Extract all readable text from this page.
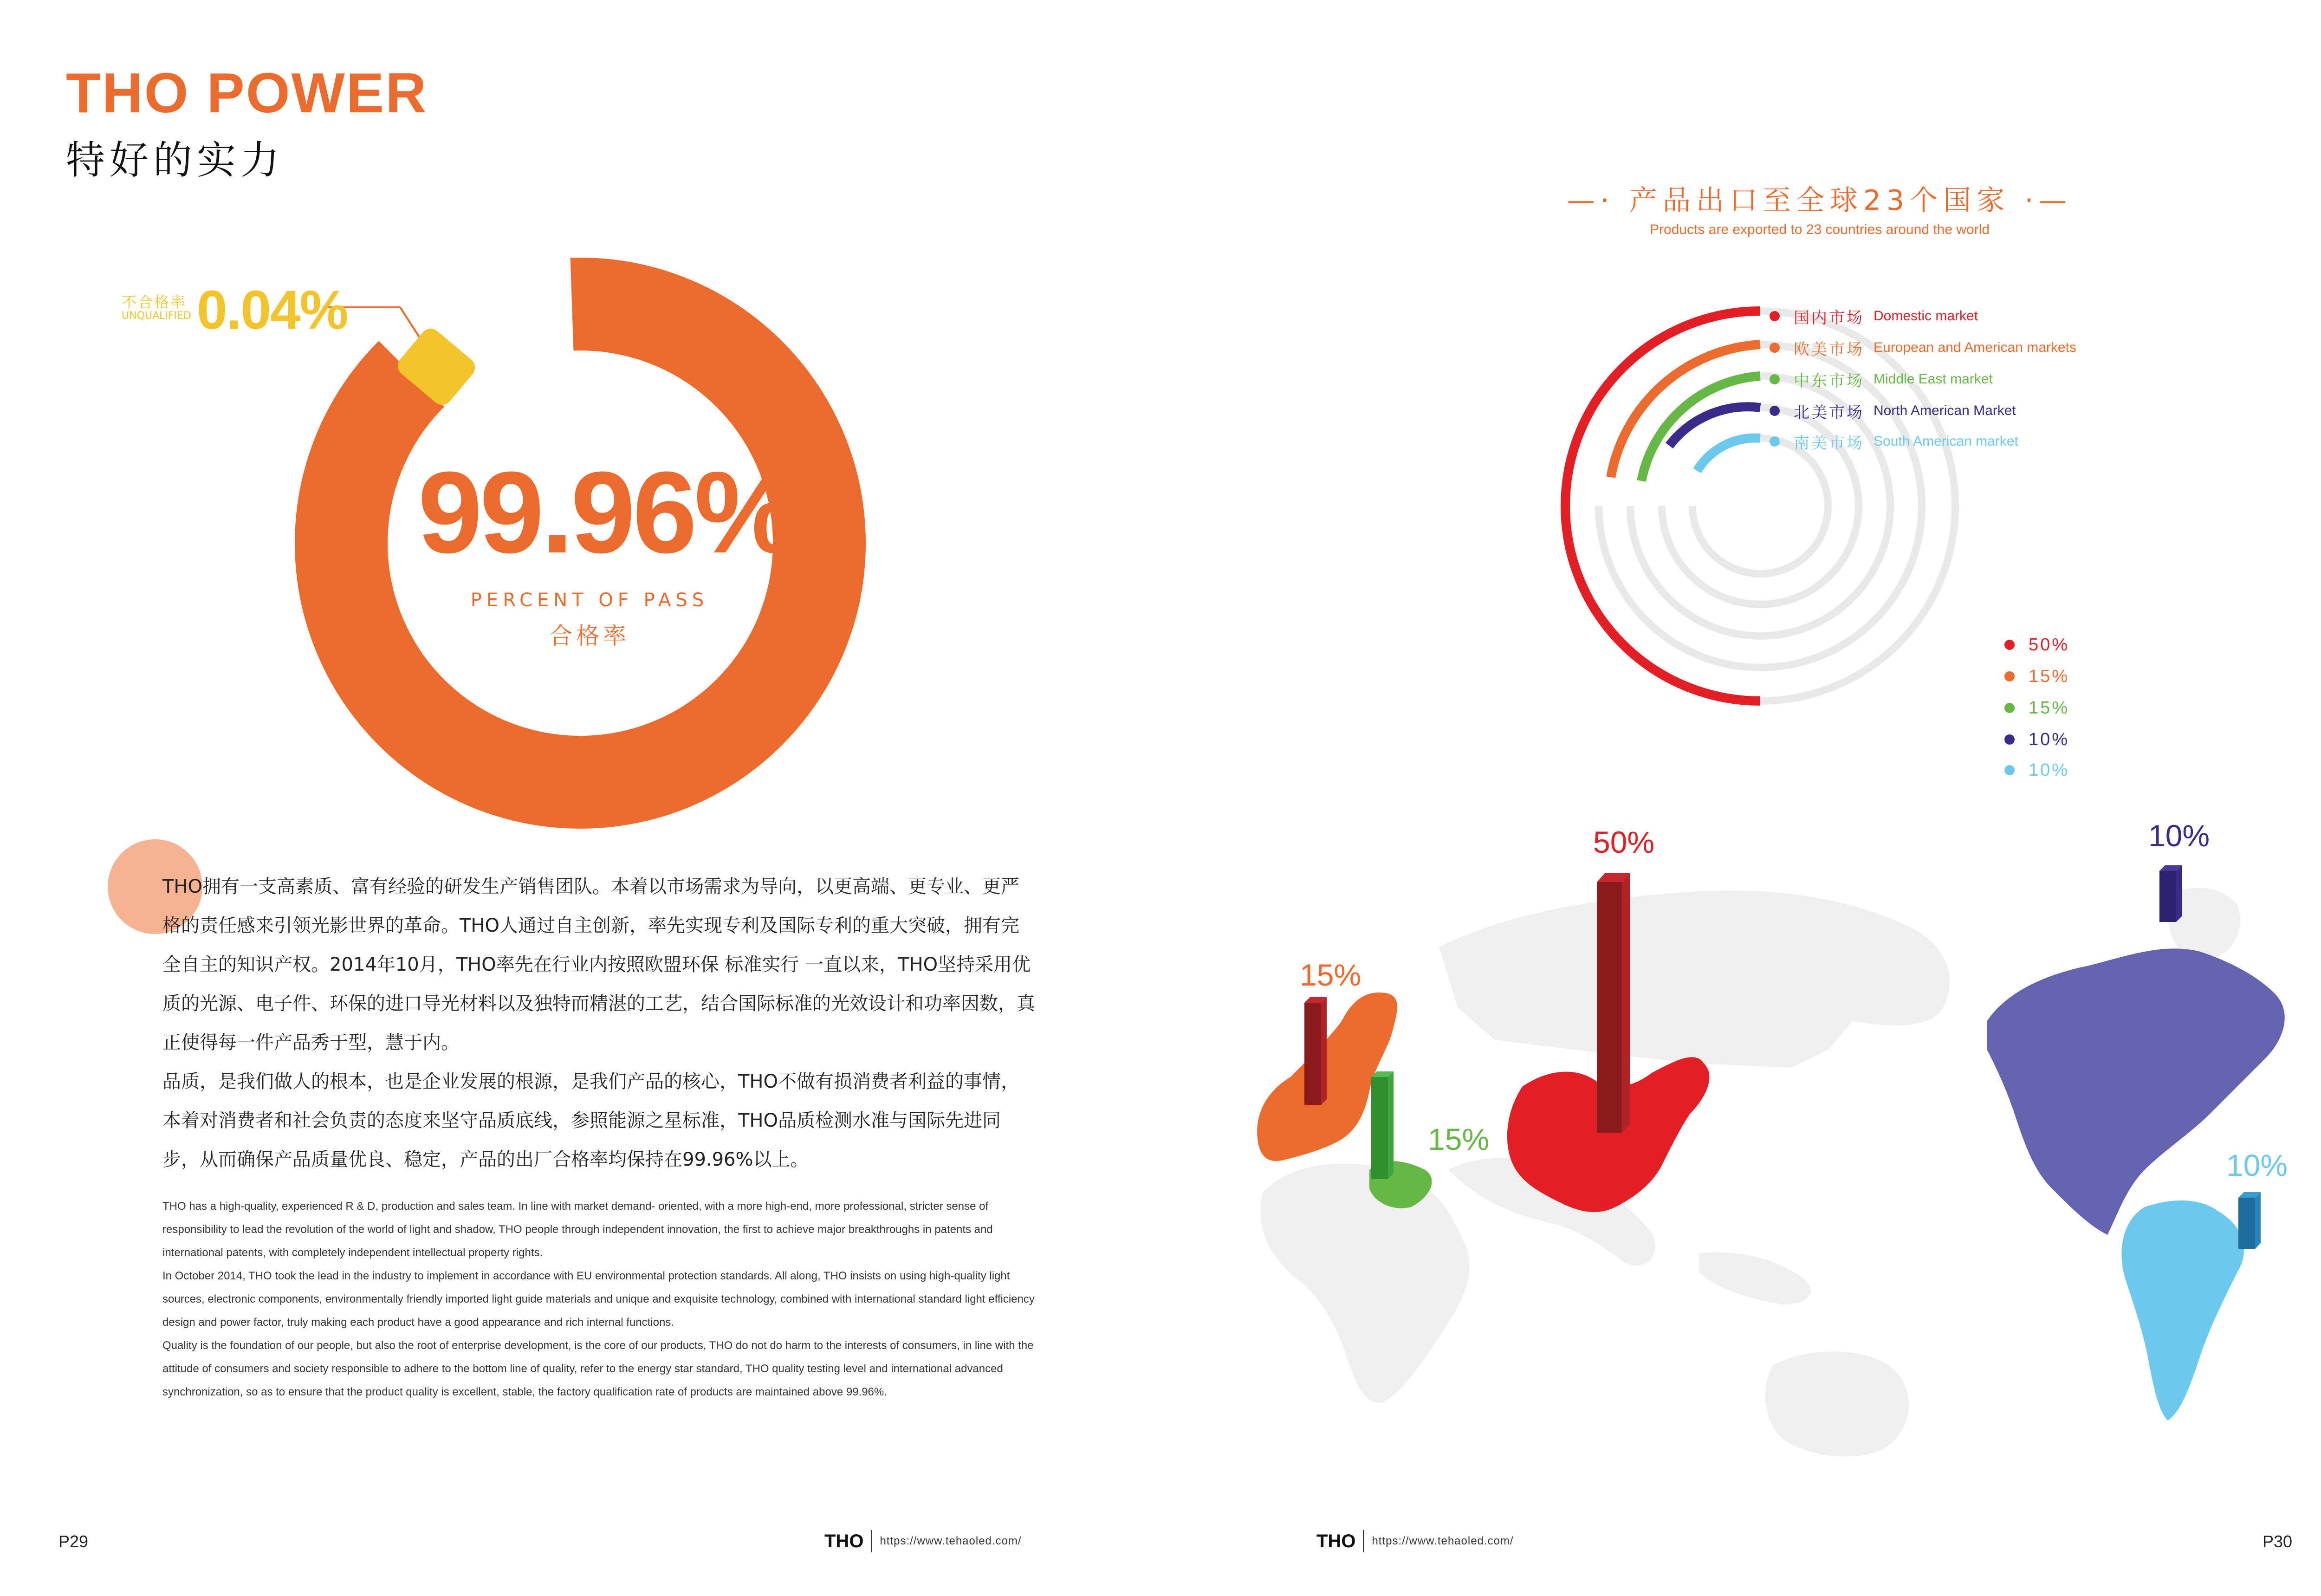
THO POWER
特好的实力
不合格率
UNQUALIFIED 0.04%
99.96%
PERCENT OF PASS
合格率

THO拥有一支高素质、富有经验的研发生产销售团队。本着以市场需求为导向，以更高端、更专业、更严格的责任感来引领光影世界的革命。THO人通过自主创新，率先实现专利及国际专利的重大突破，拥有完全自主的知识产权。2014年10月，THO率先在行业内按照欧盟环保 标准实行 一直以来，THO坚持采用优质的光源、电子件、环保的进口导光材料以及独特而精湛的工艺，结合国际标准的光效设计和功率因数，真正使得每一件产品秀于型，慧于内。

品质，是我们做人的根本，也是企业发展的根源，是我们产品的核心，THO不做有损消费者利益的事情，本着对消费者和社会负责的态度来坚守品质底线，参照能源之星标准，THO品质检测水准与国际先进同步，从而确保产品质量优良、稳定，产品的出厂合格率均保持在99.96%以上。

THO has a high-quality, experienced R & D, production and sales team. In line with market demand- oriented, with a more high-end, more professional, stricter sense of responsibility to lead the revolution of the world of light and shadow, THO people through independent innovation, the first to achieve major breakthroughs in patents and international patents, with completely independent intellectual property rights.

In October 2014, THO took the lead in the industry to implement in accordance with EU environmental protection standards. All along, THO insists on using high-quality light sources, electronic components, environmentally friendly imported light guide materials and unique and exquisite technology, combined with international standard light efficiency design and power factor, truly making each product have a good appearance and rich internal functions.

Quality is the foundation of our people, but also the root of enterprise development, is the core of our products, THO do not do harm to the interests of consumers, in line with the attitude of consumers and society responsible to adhere to the bottom line of quality, refer to the energy star standard, THO quality testing level and international advanced synchronization, so as to ensure that the product quality is excellent, stable, the factory qualification rate of products are maintained above 99.96%.

P29	THO https://www.tehaoled.com/
—· 产品出口至全球23个国家 ·—
Products are exported to 23 countries around the world
国内市场 Domestic market
欧美市场 European and American markets
中东市场 Middle East market
北美市场 North American Market
南美市场 South American market
50%
15%
15%
10%
10%
50%
15%
15%
10%
10%
THO https://www.tehaoled.com/	P30
